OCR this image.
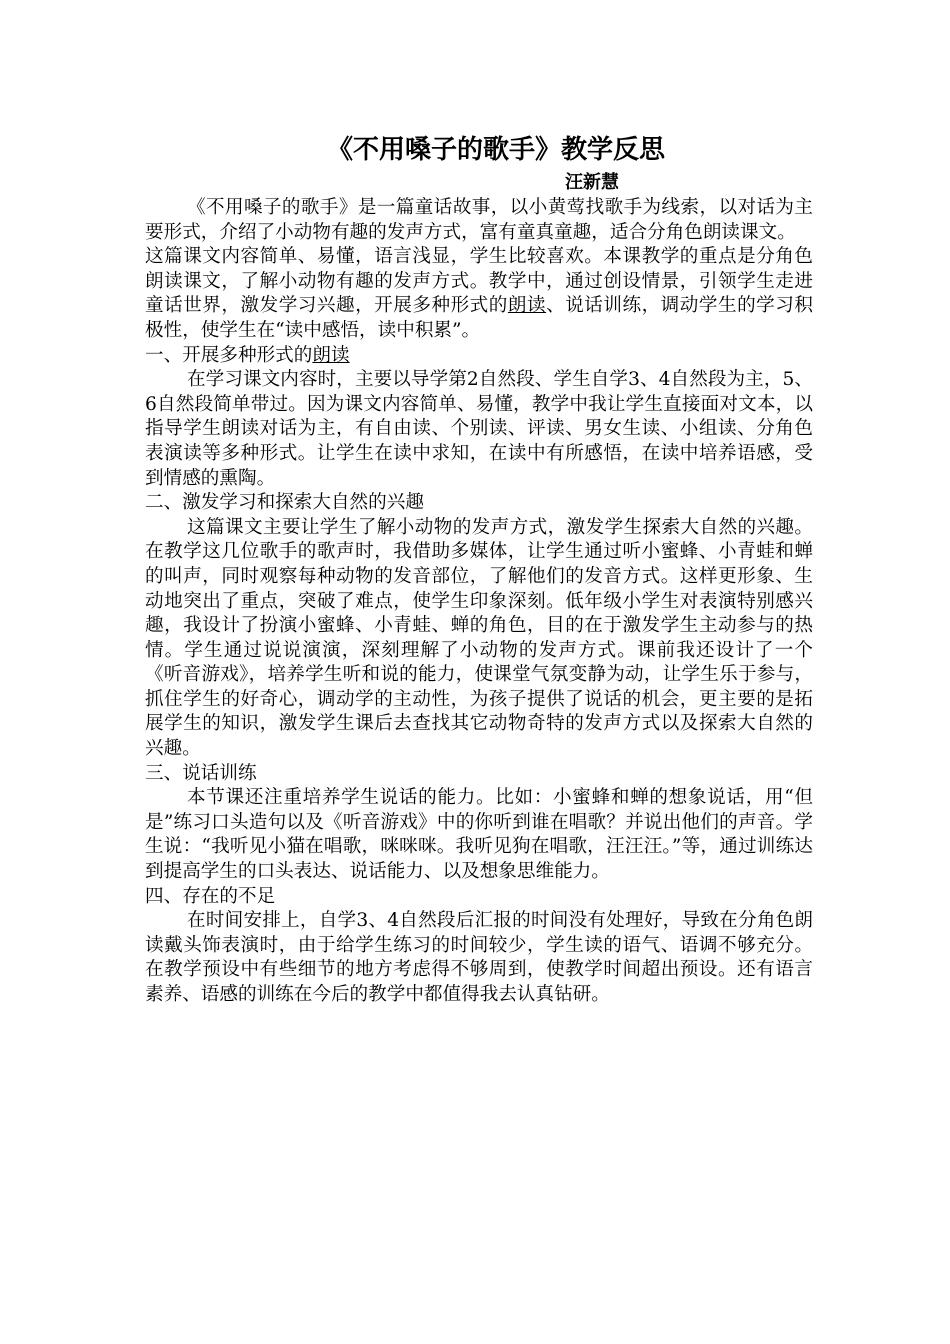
《不用嗓子的歌手》教学反思

汪新慧

《不用嗓子的歌手》是一篇童话故事，以小黄莺找歌手为线索，以对话为主要形式，介绍了小动物有趣的发声方式，富有童真童趣，适合分角色朗读课文。

这篇课文内容简单、易懂，语言浅显，学生比较喜欢。本课教学的重点是分角色朗读课文，了解小动物有趣的发声方式。教学中，通过创设情景，引领学生走进童话世界，激发学习兴趣，开展多种形式的朗读、说话训练，调动学生的学习积极性，使学生在“读中感悟，读中积累”。

一、开展多种形式的朗读

在学习课文内容时，主要以导学第2自然段、学生自学3、4自然段为主，5、6自然段简单带过。因为课文内容简单、易懂，教学中我让学生直接面对文本，以指导学生朗读对话为主，有自由读、个别读、评读、男女生读、小组读、分角色表演读等多种形式。让学生在读中求知，在读中有所感悟，在读中培养语感，受到情感的熏陶。

二、激发学习和探索大自然的兴趣

这篇课文主要让学生了解小动物的发声方式，激发学生探索大自然的兴趣。在教学这几位歌手的歌声时，我借助多媒体，让学生通过听小蜜蜂、小青蛙和蝉的叫声，同时观察每种动物的发音部位，了解他们的发音方式。这样更形象、生动地突出了重点，突破了难点，使学生印象深刻。低年级小学生对表演特别感兴趣，我设计了扮演小蜜蜂、小青蛙、蝉的角色，目的在于激发学生主动参与的热情。学生通过说说演演，深刻理解了小动物的发声方式。课前我还设计了一个《听音游戏》，培养学生听和说的能力，使课堂气氛变静为动，让学生乐于参与，抓住学生的好奇心，调动学的主动性，为孩子提供了说话的机会，更主要的是拓展学生的知识，激发学生课后去查找其它动物奇特的发声方式以及探索大自然的兴趣。

三、说话训练

本节课还注重培养学生说话的能力。比如：小蜜蜂和蝉的想象说话，用“但是”练习口头造句以及《听音游戏》中的你听到谁在唱歌？并说出他们的声音。学生说：“我听见小猫在唱歌，咪咪咪。我听见狗在唱歌，汪汪汪。”等，通过训练达到提高学生的口头表达、说话能力、以及想象思维能力。

四、存在的不足

在时间安排上，自学3、4自然段后汇报的时间没有处理好，导致在分角色朗读戴头饰表演时，由于给学生练习的时间较少，学生读的语气、语调不够充分。在教学预设中有些细节的地方考虑得不够周到，使教学时间超出预设。还有语言素养、语感的训练在今后的教学中都值得我去认真钻研。
